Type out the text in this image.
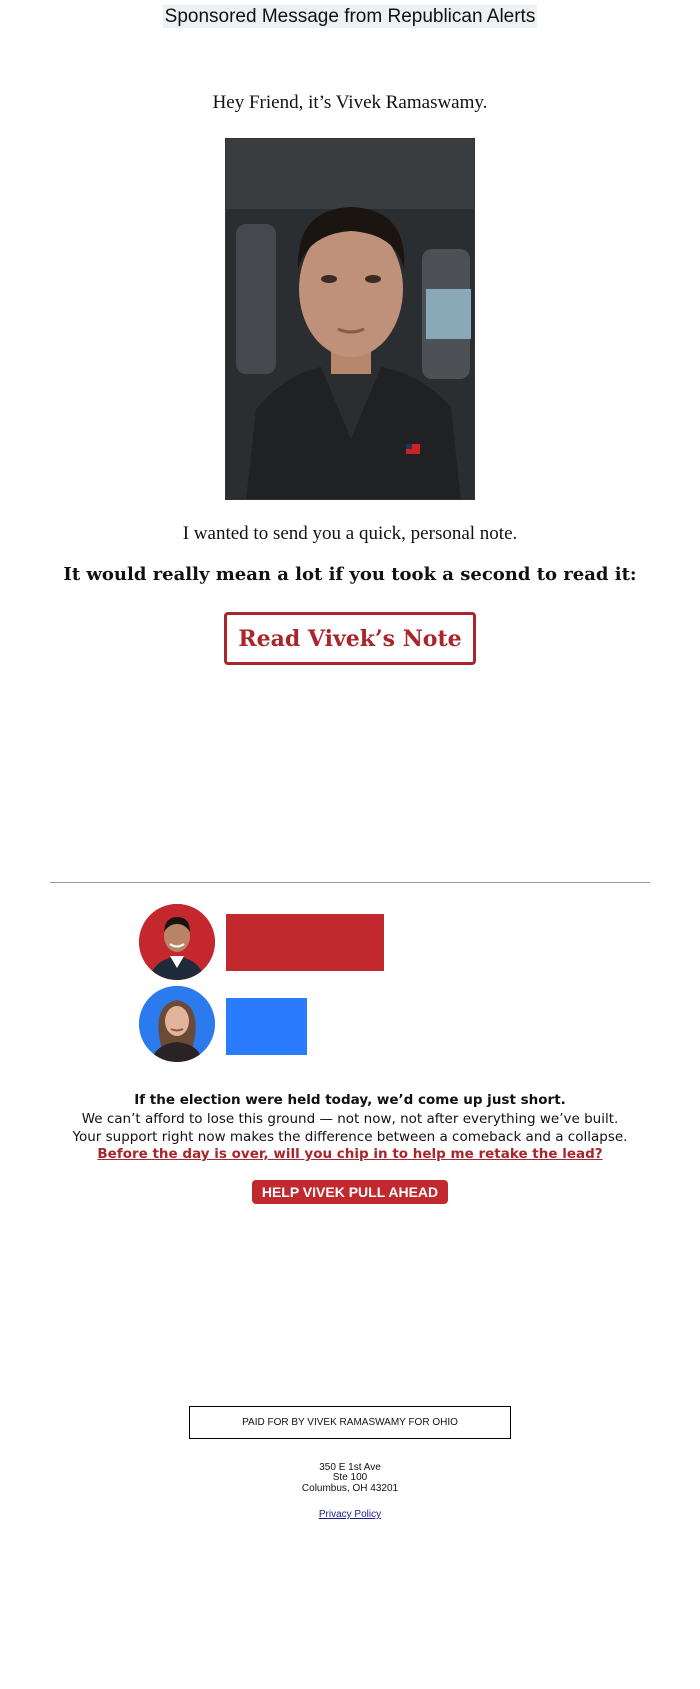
Sponsored Message from Republican Alerts
Hey Friend, it’s Vivek Ramaswamy.
I wanted to send you a quick, personal note.
It would really mean a lot if you took a second to read it:
Read Vivek’s Note
If the election were held today, we’d come up just short.
We can’t afford to lose this ground — not now, not after everything we’ve built.
Your support right now makes the difference between a comeback and a collapse.
Before the day is over, will you chip in to help me retake the lead?
HELP VIVEK PULL AHEAD
PAID FOR BY VIVEK RAMASWAMY FOR OHIO
350 E 1st Ave
Ste 100
Columbus, OH 43201
Privacy Policy
